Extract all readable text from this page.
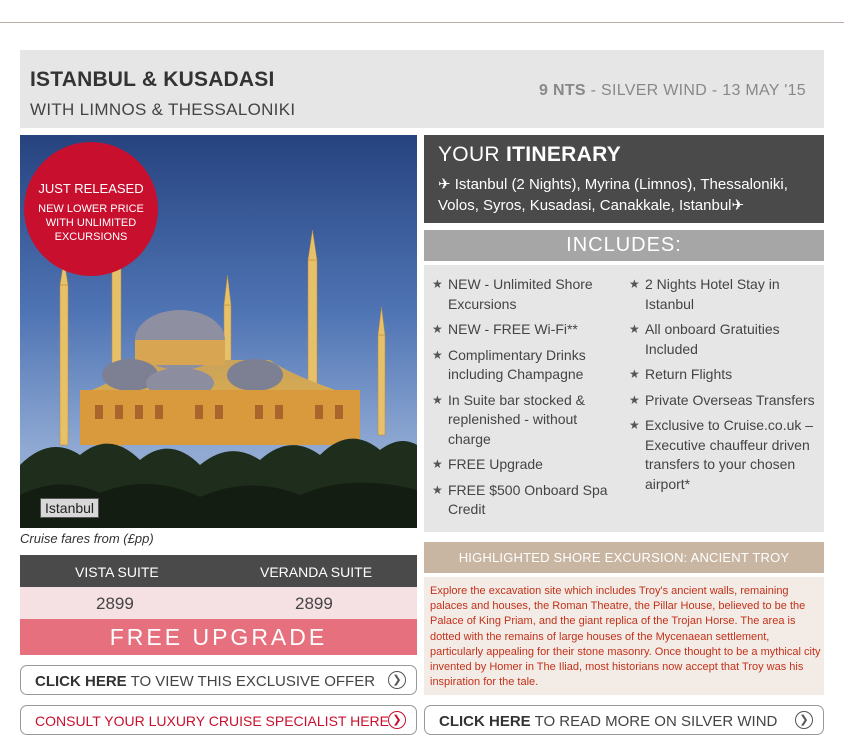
ISTANBUL & KUSADASI
WITH LIMNOS & THESSALONIKI
9 NTS - SILVER WIND - 13 MAY '15
JUST RELEASED
NEW LOWER PRICE
WITH UNLIMITED
EXCURSIONS
Istanbul
Cruise fares from (£pp)
VISTA SUITE	VERANDA SUITE
2899	2899
FREE UPGRADE
CLICK HERE TO VIEW THIS EXCLUSIVE OFFER	❯
CONSULT YOUR LUXURY CRUISE SPECIALIST HERE ❯
YOUR ITINERARY
✈ Istanbul (2 Nights), Myrina (Limnos), Thessaloniki, Volos, Syros, Kusadasi, Canakkale, Istanbul✈
INCLUDES:
★ NEW - Unlimited Shore Excursions
★ NEW - FREE Wi-Fi**
★ Complimentary Drinks including Champagne
★ In Suite bar stocked & replenished - without charge
★ FREE Upgrade
★ FREE $500 Onboard Spa Credit
★ 2 Nights Hotel Stay in Istanbul
★ All onboard Gratuities Included
★ Return Flights
★ Private Overseas Transfers
★ Exclusive to Cruise.co.uk – Executive chauffeur driven transfers to your chosen airport*
HIGHLIGHTED SHORE EXCURSION: ANCIENT TROY
Explore the excavation site which includes Troy's ancient walls, remaining palaces and houses, the Roman Theatre, the Pillar House, believed to be the Palace of King Priam, and the giant replica of the Trojan Horse. The area is dotted with the remains of large houses of the Mycenaean settlement, particularly appealing for their stone masonry. Once thought to be a mythical city invented by Homer in The Iliad, most historians now accept that Troy was his inspiration for the tale.
CLICK HERE TO READ MORE ON SILVER WIND	❯
